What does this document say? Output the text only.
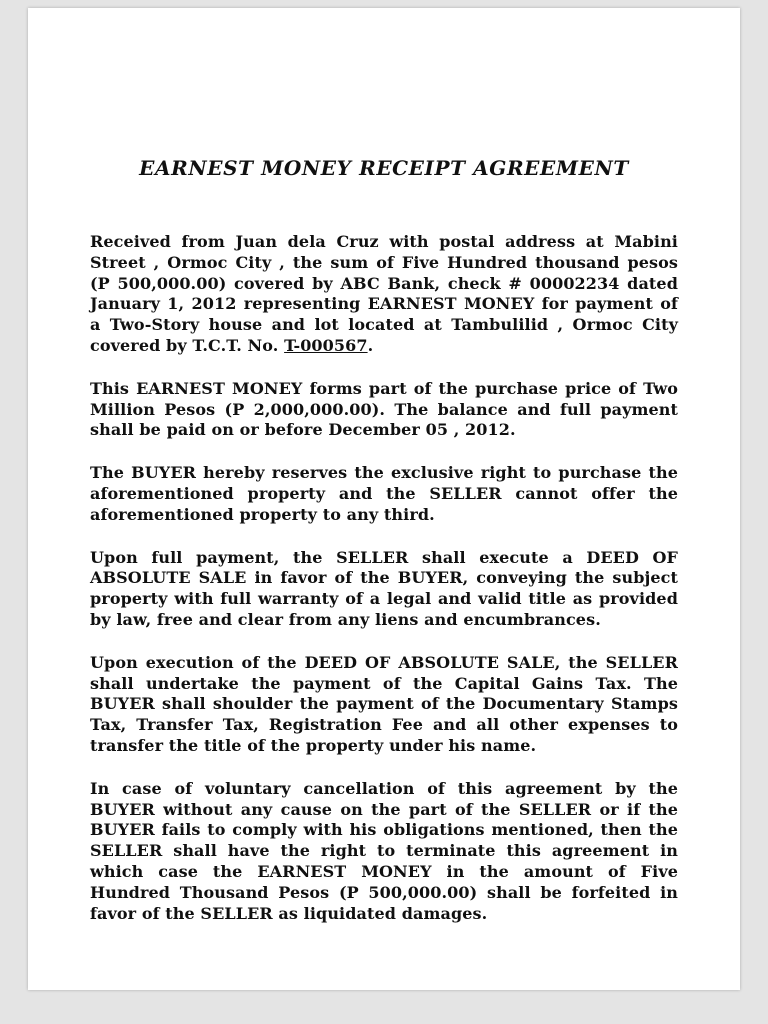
EARNEST MONEY RECEIPT AGREEMENT

Received from Juan dela Cruz with postal address at Mabini Street , Ormoc City , the sum of Five Hundred thousand pesos (P 500,000.00) covered by ABC Bank, check # 00002234 dated January 1, 2012 representing EARNEST MONEY for payment of a Two-Story house and lot located at Tambulilid , Ormoc City covered by T.C.T. No. T-000567.

This EARNEST MONEY forms part of the purchase price of Two Million Pesos (P 2,000,000.00). The balance and full payment shall be paid on or before December 05 , 2012.

The BUYER hereby reserves the exclusive right to purchase the aforementioned property and the SELLER cannot offer the aforementioned property to any third.

Upon full payment, the SELLER shall execute a DEED OF ABSOLUTE SALE in favor of the BUYER, conveying the subject property with full warranty of a legal and valid title as provided by law, free and clear from any liens and encumbrances.

Upon execution of the DEED OF ABSOLUTE SALE, the SELLER shall undertake the payment of the Capital Gains Tax. The BUYER shall shoulder the payment of the Documentary Stamps Tax, Transfer Tax, Registration Fee and all other expenses to transfer the title of the property under his name.

In case of voluntary cancellation of this agreement by the BUYER without any cause on the part of the SELLER or if the BUYER fails to comply with his obligations mentioned, then the SELLER shall have the right to terminate this agreement in which case the EARNEST MONEY in the amount of Five Hundred Thousand Pesos (P 500,000.00) shall be forfeited in favor of the SELLER as liquidated damages.
